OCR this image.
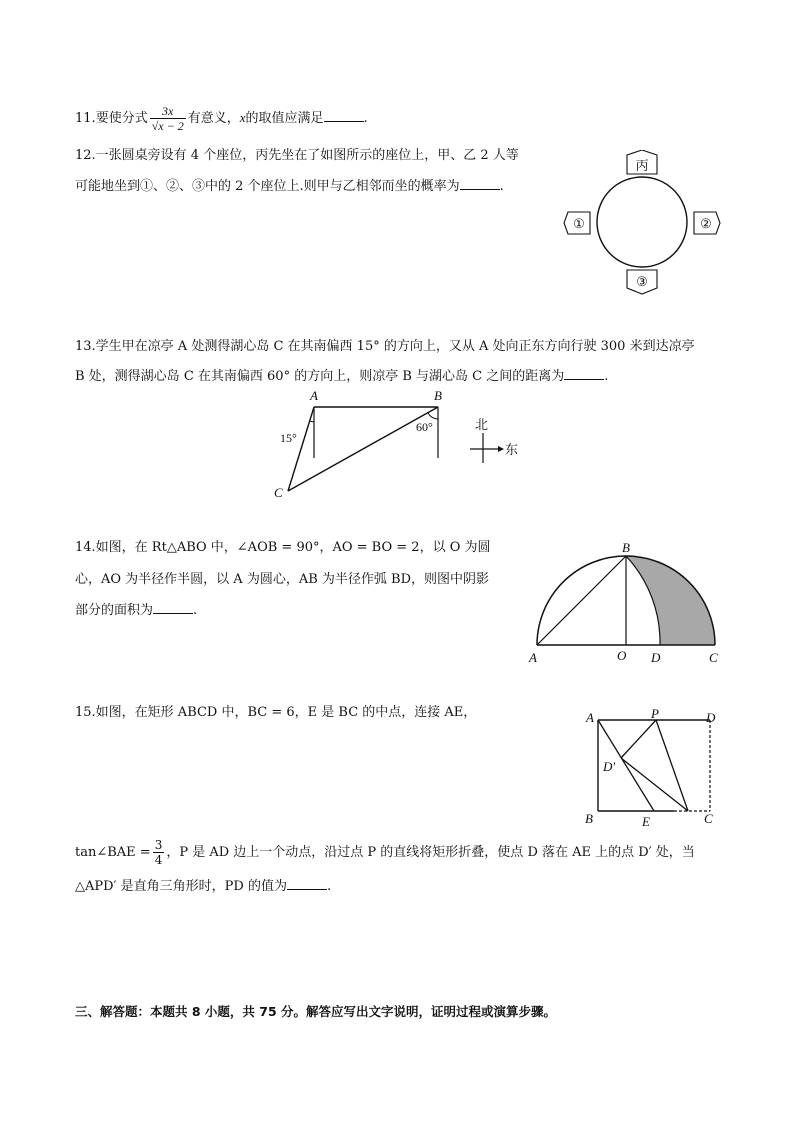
11.要使分式 $\frac{3x}{√x - 2}$ 有意义，x的取值应满足	.
12.一张圆桌旁设有 4 个座位，丙先坐在了如图所示的座位上，甲、乙 2 人等
可能地坐到①、②、③中的 2 个座位上.则甲与乙相邻而坐的概率为	.
丙
①	②
③
13.学生甲在凉亭 A 处测得湖心岛 C 在其南偏西 15° 的方向上，又从 A 处向正东方向行驶 300 米到达凉亭
B 处，测得湖心岛 C 在其南偏西 60° 的方向上，则凉亭 B 与湖心岛 C 之间的距离为	.
A	B
C
15°
60°	北
东
14.如图，在 Rt△ABO 中，∠AOB = 90°，AO = BO = 2，以 O 为圆
心，AO 为半径作半圆，以 A 为圆心，AB 为半径作弧 BD，则图中阴影
部分的面积为	.
A	O D	C
B
15.如图，在矩形 ABCD 中，BC = 6，E 是 BC 的中点，连接 AE，
tan∠BAE = $\frac{3}{4}$ ，P 是 AD 边上一个动点，沿过点 P 的直线将矩形折叠，使点 D 落在 AE 上的点 D′ 处，当
△APD′ 是直角三角形时，PD 的值为	.
A	P	D
D′
B	E	C
三、解答题：本题共 8 小题，共 75 分。解答应写出文字说明，证明过程或演算步骤。
